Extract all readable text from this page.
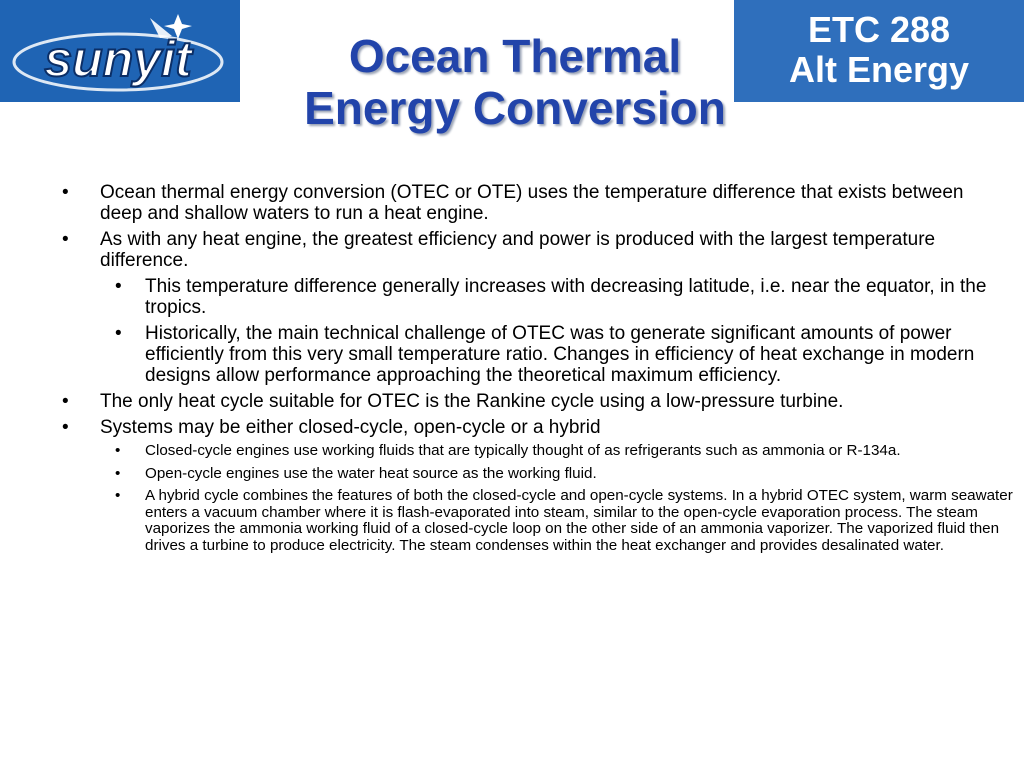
sunyit
ETC 288
Alt Energy
Ocean Thermal
Energy Conversion
• Ocean thermal energy conversion (OTEC or OTE) uses the temperature difference that exists between deep and shallow waters to run a heat engine.
• As with any heat engine, the greatest efficiency and power is produced with the largest temperature difference.
• This temperature difference generally increases with decreasing latitude, i.e. near the equator, in the tropics.
• Historically, the main technical challenge of OTEC was to generate significant amounts of power efficiently from this very small temperature ratio. Changes in efficiency of heat exchange in modern designs allow performance approaching the theoretical maximum efficiency.
• The only heat cycle suitable for OTEC is the Rankine cycle using a low-pressure turbine.
• Systems may be either closed-cycle, open-cycle or a hybrid
• Closed-cycle engines use working fluids that are typically thought of as refrigerants such as ammonia or R-134a.
• Open-cycle engines use the water heat source as the working fluid.
• A hybrid cycle combines the features of both the closed-cycle and open-cycle systems. In a hybrid OTEC system, warm seawater enters a vacuum chamber where it is flash-evaporated into steam, similar to the open-cycle evaporation process. The steam vaporizes the ammonia working fluid of a closed-cycle loop on the other side of an ammonia vaporizer. The vaporized fluid then drives a turbine to produce electricity. The steam condenses within the heat exchanger and provides desalinated water.
